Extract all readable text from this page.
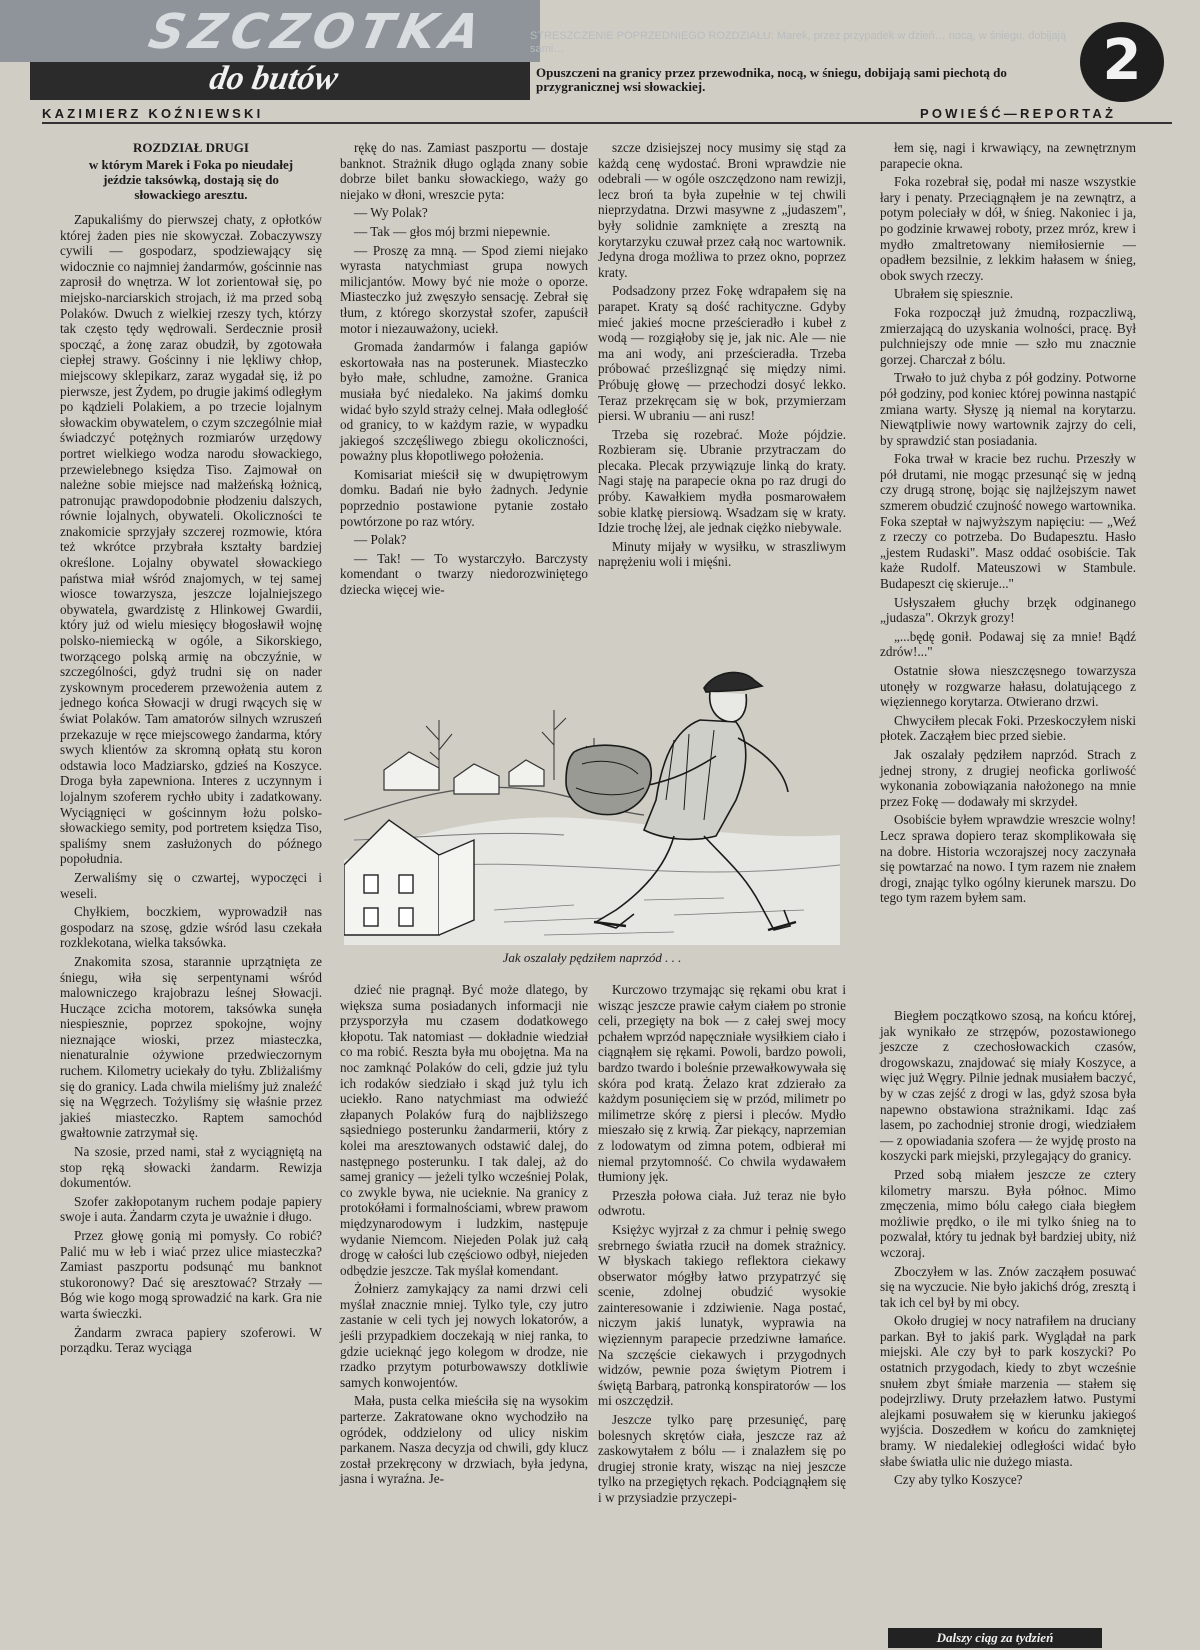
SZCZOTKA
do butów
STRESZCZENIE POPRZEDNIEGO ROZDZIAŁU: Marek, przez przypadek w dzień… nocą, w śniegu, dobijają sami…
Opuszczeni na granicy przez przewodnika, nocą, w śniegu, dobijają sami piechotą do przygranicznej wsi słowackiej.	2
KAZIMIERZ KOŹNIEWSKI	POWIEŚĆ—REPORTAŻ
ROZDZIAŁ DRUGI
w którym Marek i Foka po nieudałej jeździe taksówką, dostają się do słowackiego aresztu.

Zapukaliśmy do pierwszej chaty, z opłotków której żaden pies nie skowyczał. Zobaczywszy cywili — gospodarz, spodziewający się widocznie co najmniej żandarmów, gościnnie nas zaprosił do wnętrza. W lot zorientował się, po miejsko-narciarskich strojach, iż ma przed sobą Polaków. Dwuch z wielkiej rzeszy tych, którzy tak często tędy wędrowali. Serdecznie prosił spocząć, a żonę zaraz obudził, by zgotowała ciepłej strawy. Gościnny i nie lękliwy chłop, miejscowy sklepikarz, zaraz wygadał się, iż po pierwsze, jest Żydem, po drugie jakimś odległym po kądzieli Polakiem, a po trzecie lojalnym słowackim obywatelem, o czym szczególnie miał świadczyć potężnych rozmiarów urzędowy portret wielkiego wodza narodu słowackiego, przewielebnego księdza Tiso. Zajmował on należne sobie miejsce nad małżeńską łożnicą, patronując prawdopodobnie płodzeniu dalszych, równie lojalnych, obywateli. Okoliczności te znakomicie sprzyjały szczerej rozmowie, która też wkrótce przybrała kształty bardziej określone. Lojalny obywatel słowackiego państwa miał wśród znajomych, w tej samej wiosce towarzysza, jeszcze lojalniejszego obywatela, gwardzistę z Hlinkowej Gwardii, który już od wielu miesięcy błogosławił wojnę polsko-niemiecką w ogóle, a Sikorskiego, tworzącego polską armię na obczyźnie, w szczególności, gdyż trudni się on nader zyskownym procederem przewożenia autem z jednego końca Słowacji w drugi rwących się w świat Polaków. Tam amatorów silnych wzruszeń przekazuje w ręce miejscowego żandarma, który swych klientów za skromną opłatą stu koron odstawia loco Madziarsko, gdzieś na Koszyce. Droga była zapewniona. Interes z uczynnym i lojalnym szoferem rychło ubity i zadatkowany. Wyciągnięci w gościnnym łożu polsko-słowackiego semity, pod portretem księdza Tiso, spaliśmy snem zasłużonych do późnego popołudnia.

Zerwaliśmy się o czwartej, wypoczęci i weseli.

Chyłkiem, boczkiem, wyprowadził nas gospodarz na szosę, gdzie wśród lasu czekała rozklekotana, wielka taksówka.

Znakomita szosa, starannie uprzątnięta ze śniegu, wiła się serpentynami wśród malowniczego krajobrazu leśnej Słowacji. Huczące zcicha motorem, taksówka sunęła niespiesznie, poprzez spokojne, wojny nieznające wioski, przez miasteczka, nienaturalnie ożywione przedwieczornym ruchem. Kilometry uciekały do tyłu. Zbliżaliśmy się do granicy. Lada chwila mieliśmy już znaleźć się na Węgrzech. Tożyliśmy się właśnie przez jakieś miasteczko. Raptem samochód gwałtownie zatrzymał się.

Na szosie, przed nami, stał z wyciągniętą na stop ręką słowacki żandarm. Rewizja dokumentów.

Szofer zakłopotanym ruchem podaje papiery swoje i auta. Żandarm czyta je uważnie i długo.

Przez głowę gonią mi pomysły. Co robić? Palić mu w łeb i wiać przez ulice miasteczka? Zamiast paszportu podsunąć mu banknot stukoronowy? Dać się aresztować? Strzały — Bóg wie kogo mogą sprowadzić na kark. Gra nie warta świeczki.

Żandarm zwraca papiery szoferowi. W porządku. Teraz wyciąga

rękę do nas. Zamiast paszportu — dostaje banknot. Strażnik długo ogląda znany sobie dobrze bilet banku słowackiego, waży go niejako w dłoni, wreszcie pyta:

— Wy Polak?

— Tak — głos mój brzmi niepewnie.

— Proszę za mną. — Spod ziemi niejako wyrasta natychmiast grupa nowych milicjantów. Mowy być nie może o oporze. Miasteczko już zwęszyło sensację. Zebrał się tłum, z którego skorzystał szofer, zapuścił motor i niezauważony, uciekł.

Gromada żandarmów i falanga gapiów eskortowała nas na posterunek. Miasteczko było małe, schludne, zamożne. Granica musiała być niedaleko. Na jakimś domku widać było szyld straży celnej. Mała odległość od granicy, to w każdym razie, w wypadku jakiegoś szczęśliwego zbiegu okoliczności, poważny plus kłopotliwego położenia.

Komisariat mieścił się w dwupiętrowym domku. Badań nie było żadnych. Jedynie poprzednio postawione pytanie zostało powtórzone po raz wtóry.

— Polak?

— Tak! — To wystarczyło. Barczysty komendant o twarzy niedorozwiniętego dziecka więcej wie-

szcze dzisiejszej nocy musimy się stąd za każdą cenę wydostać. Broni wprawdzie nie odebrali — w ogóle oszczędzono nam rewizji, lecz broń ta była zupełnie w tej chwili nieprzydatna. Drzwi masywne z „judaszem", były solidnie zamknięte a zresztą na korytarzyku czuwał przez całą noc wartownik. Jedyna droga możliwa to przez okno, poprzez kraty.

Podsadzony przez Fokę wdrapałem się na parapet. Kraty są dość rachityczne. Gdyby mieć jakieś mocne prześcieradło i kubeł z wodą — rozgiąłoby się je, jak nic. Ale — nie ma ani wody, ani prześcieradła. Trzeba próbować prześlizgnąć się między nimi. Próbuję głowę — przechodzi dosyć lekko. Teraz przekręcam się w bok, przymierzam piersi. W ubraniu — ani rusz!

Trzeba się rozebrać. Może pójdzie. Rozbieram się. Ubranie przytraczam do plecaka. Plecak przywiązuje linką do kraty. Nagi staję na parapecie okna po raz drugi do próby. Kawałkiem mydła posmarowałem sobie klatkę piersiową. Wsadzam się w kraty. Idzie trochę lżej, ale jednak ciężko niebywale.

Minuty mijały w wysiłku, w straszliwym naprężeniu woli i mięśni.

łem się, nagi i krwawiący, na zewnętrznym parapecie okna.

Foka rozebrał się, podał mi nasze wszystkie łary i penaty. Przeciągnąłem je na zewnątrz, a potym poleciały w dół, w śnieg. Nakoniec i ja, po godzinie krwawej roboty, przez mróz, krew i mydło zmaltretowany niemiłosiernie — opadłem bezsilnie, z lekkim hałasem w śnieg, obok swych rzeczy.

Ubrałem się spiesznie.

Foka rozpoczął już żmudną, rozpaczliwą, zmierzającą do uzyskania wolności, pracę. Był pulchniejszy ode mnie — szło mu znacznie gorzej. Charczał z bólu.

Trwało to już chyba z pół godziny. Potworne pół godziny, pod koniec której powinna nastąpić zmiana warty. Słyszę ją niemal na korytarzu. Niewątpliwie nowy wartownik zajrzy do celi, by sprawdzić stan posiadania.

Foka trwał w kracie bez ruchu. Przeszły w pół drutami, nie mogąc przesunąć się w jedną czy drugą stronę, bojąc się najlżejszym nawet szmerem obudzić czujność nowego wartownika. Foka szeptał w najwyższym napięciu: — „Weź z rzeczy co potrzeba. Do Budapesztu. Hasło „jestem Rudaski". Masz oddać osobiście. Tak każe Rudolf. Mateuszowi w Stambule. Budapeszt cię skieruje..."

Usłyszałem głuchy brzęk odginanego „judasza". Okrzyk grozy!

„...będę gonił. Podawaj się za mnie! Bądź zdrów!..."

Ostatnie słowa nieszczęsnego towarzysza utonęły w rozgwarze hałasu, dolatującego z więziennego korytarza. Otwierano drzwi.

Chwyciłem plecak Foki. Przeskoczyłem niski płotek. Zacząłem biec przed siebie.

Jak oszalały pędziłem naprzód. Strach z jednej strony, z drugiej neoficka gorliwość wykonania zobowiązania nałożonego na mnie przez Fokę — dodawały mi skrzydeł.

Osobiście byłem wprawdzie wreszcie wolny! Lecz sprawa dopiero teraz skomplikowała się na dobre. Historia wczorajszej nocy zaczynała się powtarzać na nowo. I tym razem nie znałem drogi, znając tylko ogólny kierunek marszu. Do tego tym razem byłem sam.

Jak oszalały pędziłem naprzód . . .

dzieć nie pragnął. Być może dlatego, by większa suma posiadanych informacji nie przysporzyła mu czasem dodatkowego kłopotu. Tak natomiast — dokładnie wiedział co ma robić. Reszta była mu obojętna. Ma na noc zamknąć Polaków do celi, gdzie już tylu ich rodaków siedziało i skąd już tylu ich uciekło. Rano natychmiast ma odwieźć złapanych Polaków furą do najbliższego sąsiedniego posterunku żandarmerii, który z kolei ma aresztowanych odstawić dalej, do następnego posterunku. I tak dalej, aż do samej granicy — jeżeli tylko wcześniej Polak, co zwykle bywa, nie ucieknie. Na granicy z protokółami i formalnościami, wbrew prawom międzynarodowym i ludzkim, następuje wydanie Niemcom. Niejeden Polak już całą drogę w całości lub częściowo odbył, niejeden odbędzie jeszcze. Tak myślał komendant.

Żołnierz zamykający za nami drzwi celi myślał znacznie mniej. Tylko tyle, czy jutro zastanie w celi tych jej nowych lokatorów, a jeśli przypadkiem doczekają w niej ranka, to gdzie ucieknąć jego kolegom w drodze, nie rzadko przytym poturbowawszy dotkliwie samych konwojentów.

Mała, pusta celka mieściła się na wysokim parterze. Zakratowane okno wychodziło na ogródek, oddzielony od ulicy niskim parkanem. Nasza decyzja od chwili, gdy klucz został przekręcony w drzwiach, była jedyna, jasna i wyraźna. Je-

Kurczowo trzymając się rękami obu krat i wisząc jeszcze prawie całym ciałem po stronie celi, przegięty na bok — z całej swej mocy pchałem wprzód napęczniałe wysiłkiem ciało i ciągnąłem się rękami. Powoli, bardzo powoli, bardzo twardo i boleśnie przewałkowywała się skóra pod kratą. Żelazo krat zdzierało za każdym posunięciem się w przód, milimetr po milimetrze skórę z piersi i pleców. Mydło mieszało się z krwią. Żar piekący, naprzemian z lodowatym od zimna potem, odbierał mi niemal przytomność. Co chwila wydawałem tłumiony jęk.

Przeszła połowa ciała. Już teraz nie było odwrotu.

Księżyc wyjrzał z za chmur i pełnię swego srebrnego światła rzucił na domek strażnicy. W błyskach takiego reflektora ciekawy obserwator mógłby łatwo przypatrzyć się scenie, zdolnej obudzić wysokie zainteresowanie i zdziwienie. Naga postać, niczym jakiś lunatyk, wyprawia na więziennym parapecie przedziwne łamańce. Na szczęście ciekawych i przygodnych widzów, pewnie poza świętym Piotrem i świętą Barbarą, patronką konspiratorów — los mi oszczędził.

Jeszcze tylko parę przesunięć, parę bolesnych skrętów ciała, jeszcze raz aż zaskowytałem z bólu — i znalazłem się po drugiej stronie kraty, wisząc na niej jeszcze tylko na przegiętych rękach. Podciągnąłem się i w przysiadzie przyczepi-

Biegłem początkowo szosą, na końcu której, jak wynikało ze strzępów, pozostawionego jeszcze z czechosłowackich czasów, drogowskazu, znajdować się miały Koszyce, a więc już Węgry. Pilnie jednak musiałem baczyć, by w czas zejść z drogi w las, gdyż szosa była napewno obstawiona strażnikami. Idąc zaś lasem, po zachodniej stronie drogi, wiedziałem — z opowiadania szofera — że wyjdę prosto na koszycki park miejski, przylegający do granicy.

Przed sobą miałem jeszcze ze cztery kilometry marszu. Była północ. Mimo zmęczenia, mimo bólu całego ciała biegłem możliwie prędko, o ile mi tylko śnieg na to pozwalał, który tu jednak był bardziej ubity, niż wczoraj.

Zboczyłem w las. Znów zacząłem posuwać się na wyczucie. Nie było jakichś dróg, zresztą i tak ich cel był by mi obcy.

Około drugiej w nocy natrafiłem na druciany parkan. Był to jakiś park. Wyglądał na park miejski. Ale czy był to park koszycki? Po ostatnich przygodach, kiedy to zbyt wcześnie snułem zbyt śmiałe marzenia — stałem się podejrzliwy. Druty przełazłem łatwo. Pustymi alejkami posuwałem się w kierunku jakiegoś wyjścia. Doszedłem w końcu do zamkniętej bramy. W niedalekiej odległości widać było słabe światła ulic nie dużego miasta.

Czy aby tylko Koszyce?

Dalszy ciąg za tydzień
